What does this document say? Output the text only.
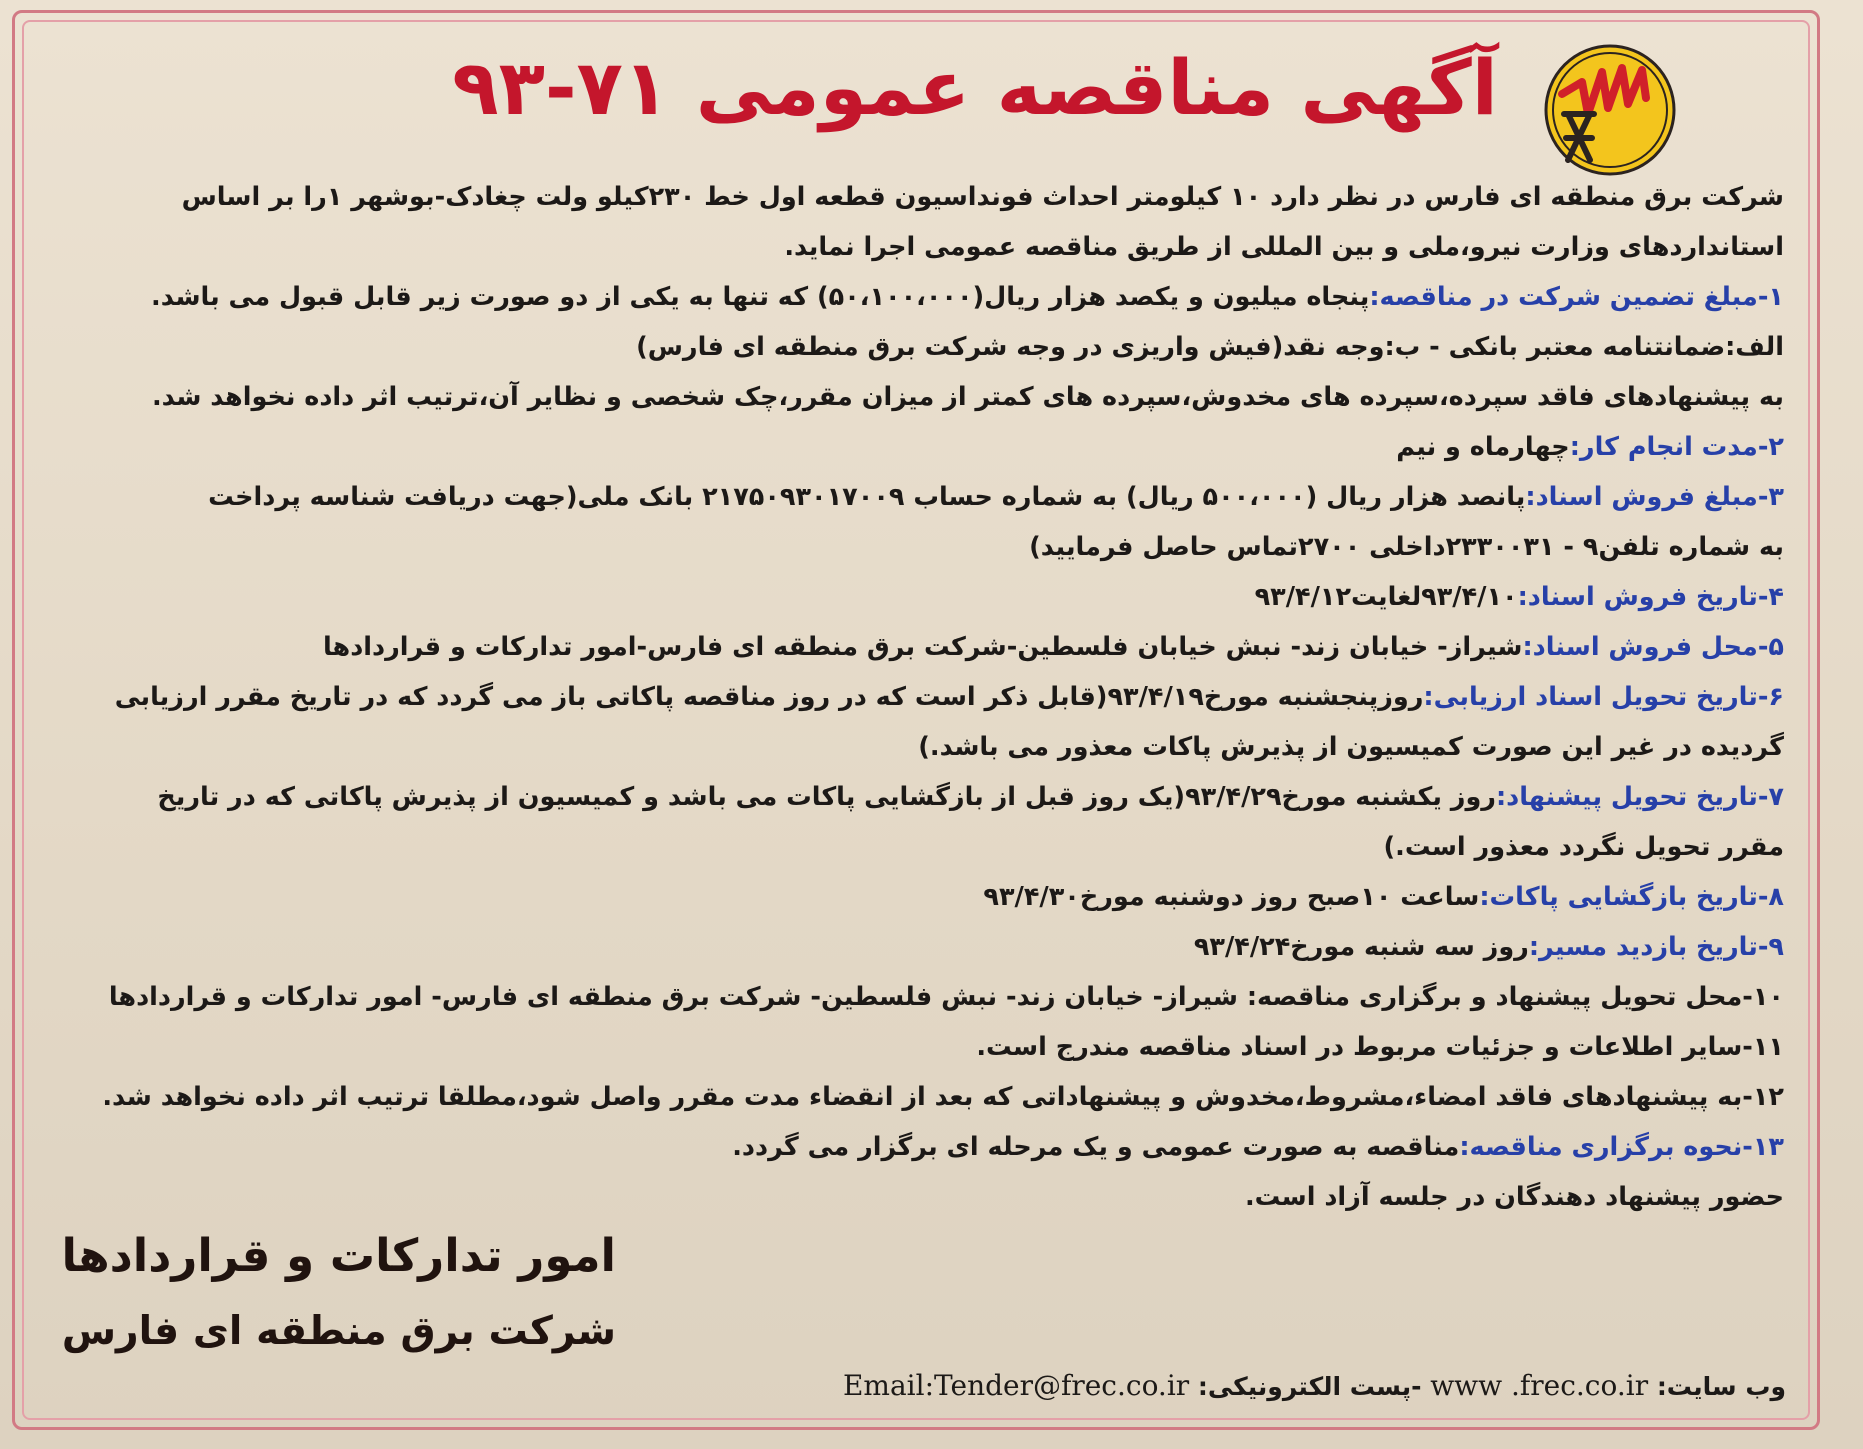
آگهی مناقصه عمومی ۷۱-۹۳
شرکت برق منطقه ای فارس در نظر دارد ۱۰ کیلومتر احداث فونداسیون قطعه اول خط ۲۳۰کیلو ولت چغادک-بوشهر ۱را بر اساس
استانداردهای وزارت نیرو،ملی و بین المللی از طریق مناقصه عمومی اجرا نماید.
۱-مبلغ تضمین شرکت در مناقصه:پنجاه میلیون و یکصد هزار ریال(۵۰،۱۰۰،۰۰۰) که تنها به یکی از دو صورت زیر قابل قبول می باشد.
الف:ضمانتنامه معتبر بانکی - ب:وجه نقد(فیش واریزی در وجه شرکت برق منطقه ای فارس)
به پیشنهادهای فاقد سپرده،سپرده های مخدوش،سپرده های کمتر از میزان مقرر،چک شخصی و نظایر آن،ترتیب اثر داده نخواهد شد.
۲-مدت انجام کار:چهارماه و نیم
۳-مبلغ فروش اسناد:پانصد هزار ریال (۵۰۰،۰۰۰ ریال) به شماره حساب ۲۱۷۵۰۹۳۰۱۷۰۰۹ بانک ملی(جهت دریافت شناسه پرداخت
به شماره تلفن۹ - ۲۳۳۰۰۳۱داخلی ۲۷۰۰تماس حاصل فرمایید)
۴-تاریخ فروش اسناد:۹۳/۴/۱۰لغایت۹۳/۴/۱۲
۵-محل فروش اسناد:شیراز- خیابان زند- نبش خیابان فلسطین-شرکت برق منطقه ای فارس-امور تدارکات و قراردادها
۶-تاریخ تحویل اسناد ارزیابی:روزپنجشنبه مورخ۹۳/۴/۱۹(قابل ذکر است که در روز مناقصه پاکاتی باز می گردد که در تاریخ مقرر ارزیابی
گردیده در غیر این صورت کمیسیون از پذیرش پاکات معذور می باشد.)
۷-تاریخ تحویل پیشنهاد:روز یکشنبه مورخ۹۳/۴/۲۹(یک روز قبل از بازگشایی پاکات می باشد و کمیسیون از پذیرش پاکاتی که در تاریخ
مقرر تحویل نگردد معذور است.)
۸-تاریخ بازگشایی پاکات:ساعت ۱۰صبح روز دوشنبه مورخ۹۳/۴/۳۰
۹-تاریخ بازدید مسیر:روز سه شنبه مورخ۹۳/۴/۲۴
۱۰-محل تحویل پیشنهاد و برگزاری مناقصه: شیراز- خیابان زند- نبش فلسطین- شرکت برق منطقه ای فارس- امور تدارکات و قراردادها
۱۱-سایر اطلاعات و جزئیات مربوط در اسناد مناقصه مندرج است.
۱۲-به پیشنهادهای فاقد امضاء،مشروط،مخدوش و پیشنهاداتی که بعد از انقضاء مدت مقرر واصل شود،مطلقا ترتیب اثر داده نخواهد شد.
۱۳-نحوه برگزاری مناقصه:مناقصه به صورت عمومی و یک مرحله ای برگزار می گردد.
حضور پیشنهاد دهندگان در جلسه آزاد است.
امور تدارکات و قراردادها
شرکت برق منطقه ای فارس
وب سایت: www .frec.co.ir -پست الکترونیکی: Email:Tender@frec.co.ir
